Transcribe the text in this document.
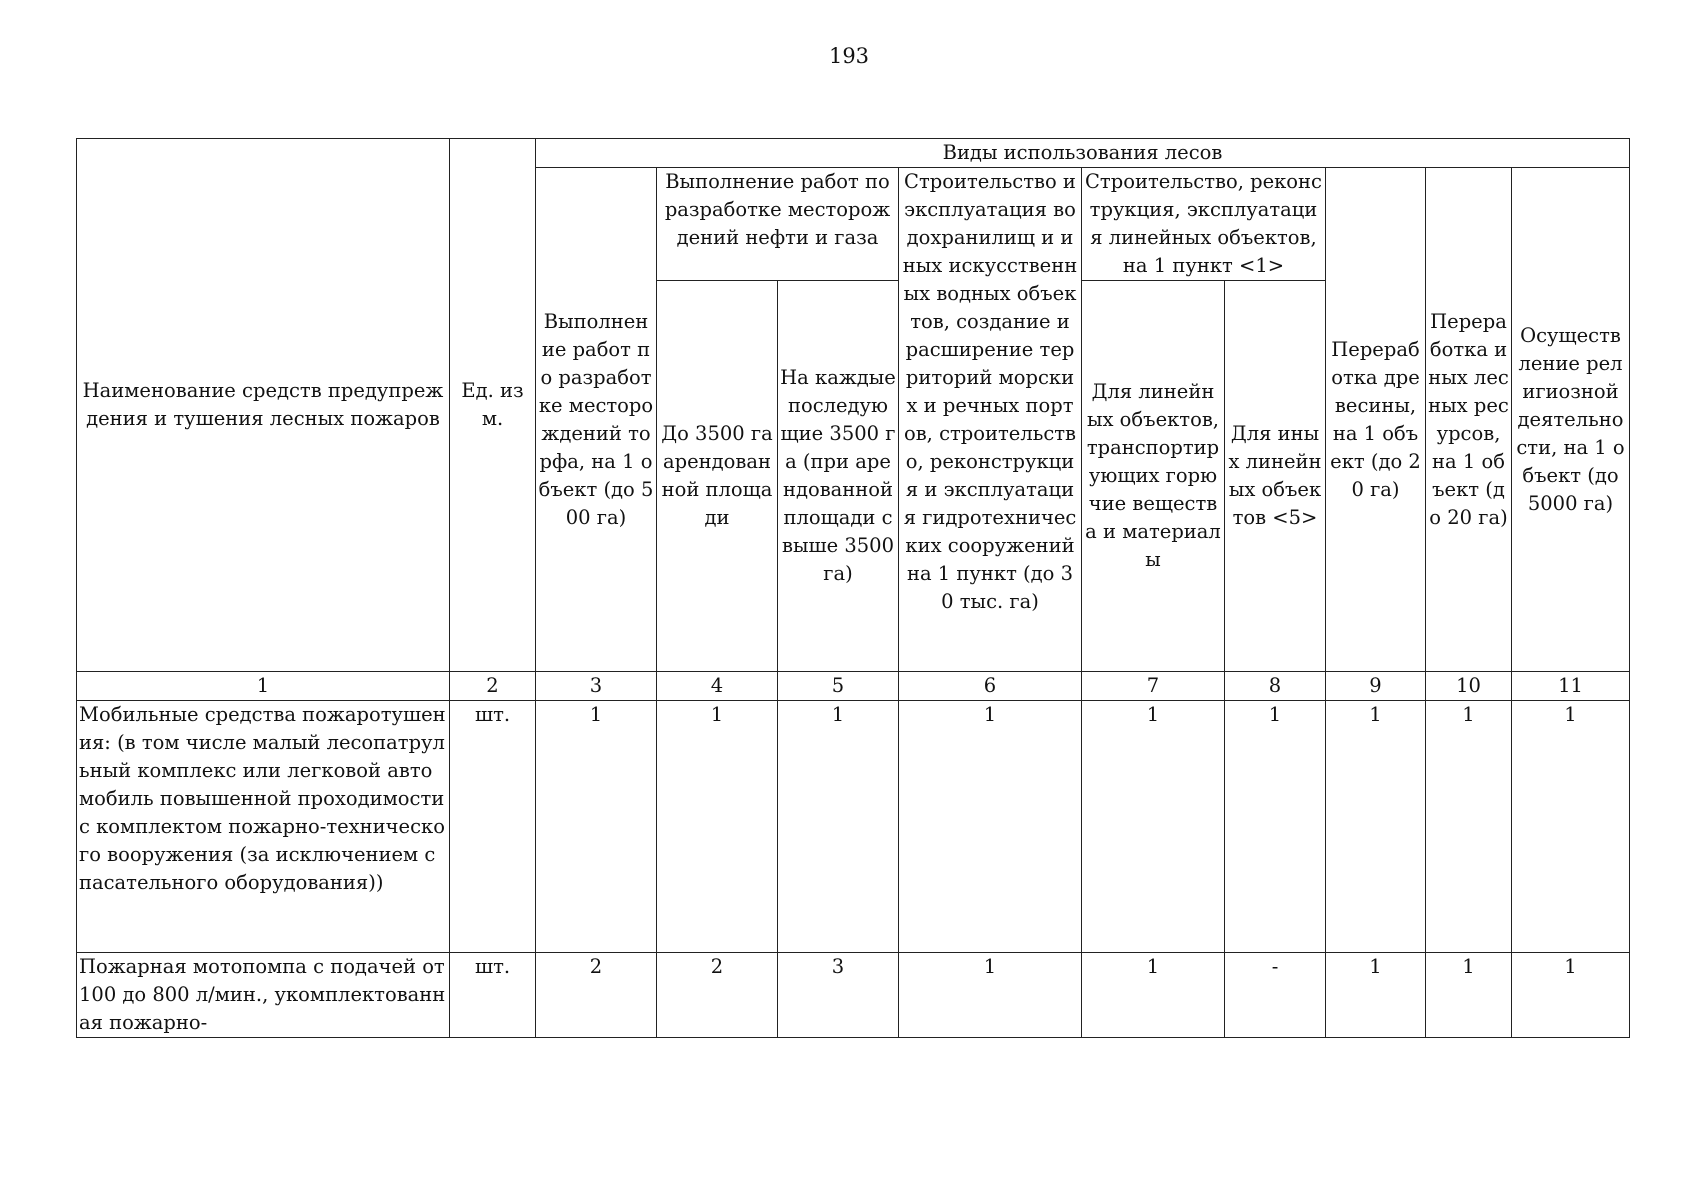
193
Наименование средств предупреждения и тушения лесных пожаров	Ед. изм.	Виды использования лесов								
		Выполнение работ по разработке месторождений торфа, на 1 объект (до 500 га)	Выполнение работ по разработке месторождений нефти и газа		Строительство и эксплуатация водохранилищ и иных искусственных водных объектов, создание и расширение территорий морских и речных портов, строительство, реконструкция и эксплуатация гидротехнических сооружений на 1 пункт (до 30 тыс. га)	Строительство, реконструкция, эксплуатация линейных объектов, на 1 пункт <1>		Переработка древесины, на 1 объект (до 20 га)	Переработка иных лесных ресурсов, на 1 объект (до 20 га)	Осуществление религиозной деятельности, на 1 объект (до 5000 га)
						Для линейных объектов, транспортирующих горючие вещества и материалы	Для иных линейных объектов <5>			
			До 3500 га арендованной площади	На каждые последующие 3500 га (при арендованной площади свыше 3500 га)						
1	2	3	4	5	6	7	8	9	10	11
Мобильные средства пожаротушения: (в том числе малый лесопатрульный комплекс или легковой автомобиль повышенной проходимости с комплектом пожарно-технического вооружения (за исключением спасательного оборудования))	шт.	1	1	1	1	1	1	1	1	1

Пожарная мотопомпа с подачей от 100 до 800 л/мин., укомплектованная пожарно-	шт.	2	2	3	1	1	-	1	1	1
